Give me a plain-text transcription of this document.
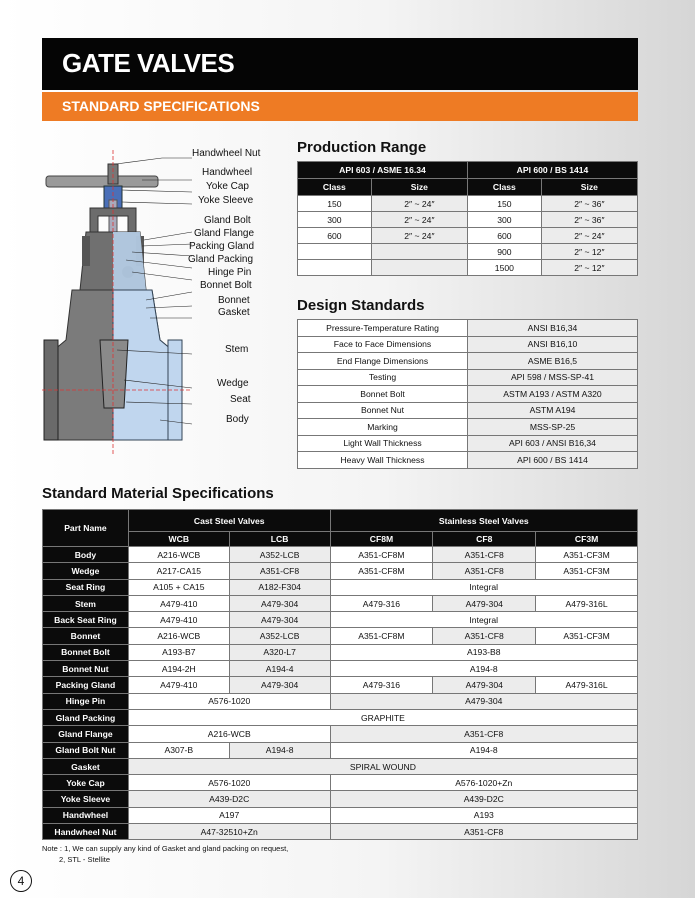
GATE VALVES
STANDARD SPECIFICATIONS
Handwheel Nut
Handwheel
Yoke Cap
Yoke Sleeve
Gland Bolt
Gland Flange
Packing Gland
Gland Packing
Hinge Pin
Bonnet Bolt
Bonnet
Gasket
Stem
Wedge
Seat
Body
Production Range
API 603 / ASME 16.34		API 600 / BS 1414	
Class	Size	Class	Size
150	2″ ~ 24″	150	2″ ~ 36″
300	2″ ~ 24″	300	2″ ~ 36″
600	2″ ~ 24″	600	2″ ~ 24″
		900	2″ ~ 12″
		1500	2″ ~ 12″
Design Standards
Pressure-Temperature Rating	ANSI B16,34
Face to Face Dimensions	ANSI B16,10
End Flange Dimensions	ASME B16,5
Testing	API 598 / MSS-SP-41
Bonnet Bolt	ASTM A193 / ASTM A320
Bonnet Nut	ASTM A194
Marking	MSS-SP-25
Light Wall Thickness	API 603 / ANSI B16,34
Heavy Wall Thickness	API 600 / BS 1414
Standard Material Specifications
Part Name	Cast Steel Valves		Stainless Steel Valves		
	WCB	LCB	CF8M	CF8	CF3M
Body	A216-WCB	A352-LCB	A351-CF8M	A351-CF8	A351-CF3M
Wedge	A217-CA15	A351-CF8	A351-CF8M	A351-CF8	A351-CF3M
Seat Ring	A105 + CA15	A182-F304	Integral		
Stem	A479-410	A479-304	A479-316	A479-304	A479-316L
Back Seat Ring	A479-410	A479-304	Integral		
Bonnet	A216-WCB	A352-LCB	A351-CF8M	A351-CF8	A351-CF3M
Bonnet Bolt	A193-B7	A320-L7	A193-B8		
Bonnet Nut	A194-2H	A194-4	A194-8		
Packing Gland	A479-410	A479-304	A479-316	A479-304	A479-316L
Hinge Pin	A576-1020		A479-304		
Gland Packing	GRAPHITE				
Gland Flange	A216-WCB		A351-CF8		
Gland Bolt Nut	A307-B	A194-8	A194-8		
Gasket	SPIRAL WOUND				
Yoke Cap	A576-1020		A576-1020+Zn		
Yoke Sleeve	A439-D2C		A439-D2C		
Handwheel	A197		A193		
Handwheel Nut	A47-32510+Zn		A351-CF8		
Note : 1, We can supply any kind of Gasket and gland packing on request,
2, STL - Stellite
4
